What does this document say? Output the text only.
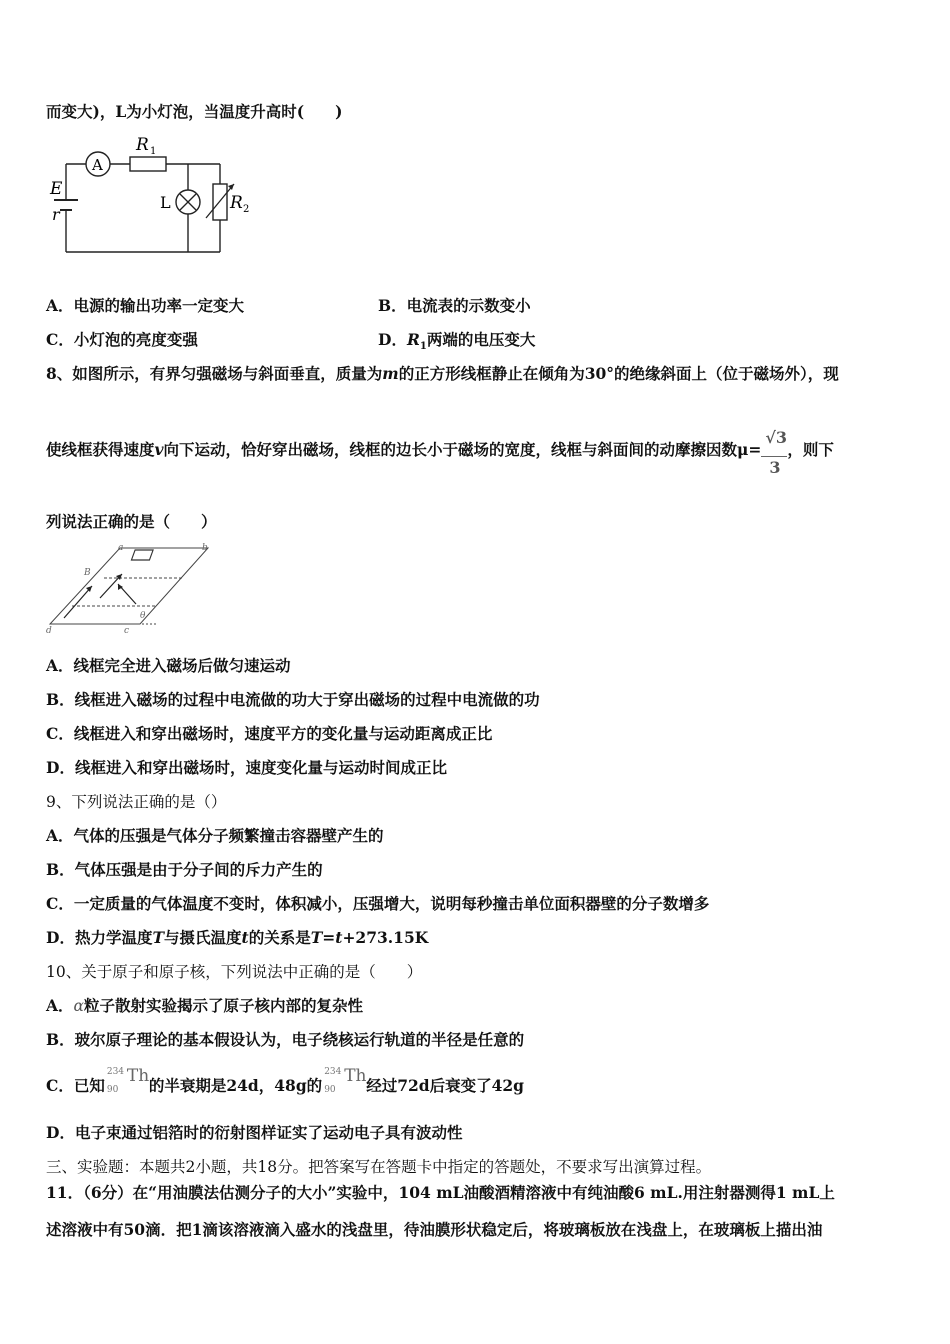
而变大)，L为小灯泡，当温度升高时(　　)
A
R 1
L	R 2
E
r
A．电源的输出功率一定变大	B．电流表的示数变小
C．小灯泡的亮度变强	D．$R_1$两端的电压变大
8、如图所示，有界匀强磁场与斜面垂直，质量为m的正方形线框静止在倾角为30°的绝缘斜面上（位于磁场外），现
使线框获得速度v向下运动，恰好穿出磁场，线框的边长小于磁场的宽度，线框与斜面间的动摩擦因数$\mu= \frac{√3}{3}$ ，则下
列说法正确的是（　　）
a	b
c
d
B
θ
A．线框完全进入磁场后做匀速运动
B．线框进入磁场的过程中电流做的功大于穿出磁场的过程中电流做的功
C．线框进入和穿出磁场时，速度平方的变化量与运动距离成正比
D．线框进入和穿出磁场时，速度变化量与运动时间成正比
9、下列说法正确的是（）
A．气体的压强是气体分子频繁撞击容器壁产生的
B．气体压强是由于分子间的斥力产生的
C．一定质量的气体温度不变时，体积减小，压强增大，说明每秒撞击单位面积器壁的分子数增多
D．热力学温度T与摄氏温度t的关系是T=t+273.15K
10、关于原子和原子核，下列说法中正确的是（　　）
A．α粒子散射实验揭示了原子核内部的复杂性
B．玻尔原子理论的基本假设认为，电子绕核运行轨道的半径是任意的
C．已知
234
90
Th 的半衰期是24d，48g的
234
90
Th 经过72d后衰变了42g
D．电子束通过铝箔时的衍射图样证实了运动电子具有波动性
三、实验题：本题共2小题，共18分。把答案写在答题卡中指定的答题处，不要求写出演算过程。
11．（6分）在“用油膜法估测分子的大小”实验中，104 mL油酸酒精溶液中有纯油酸6 mL.用注射器测得1 mL上
述溶液中有50滴．把1滴该溶液滴入盛水的浅盘里，待油膜形状稳定后，将玻璃板放在浅盘上，在玻璃板上描出油
